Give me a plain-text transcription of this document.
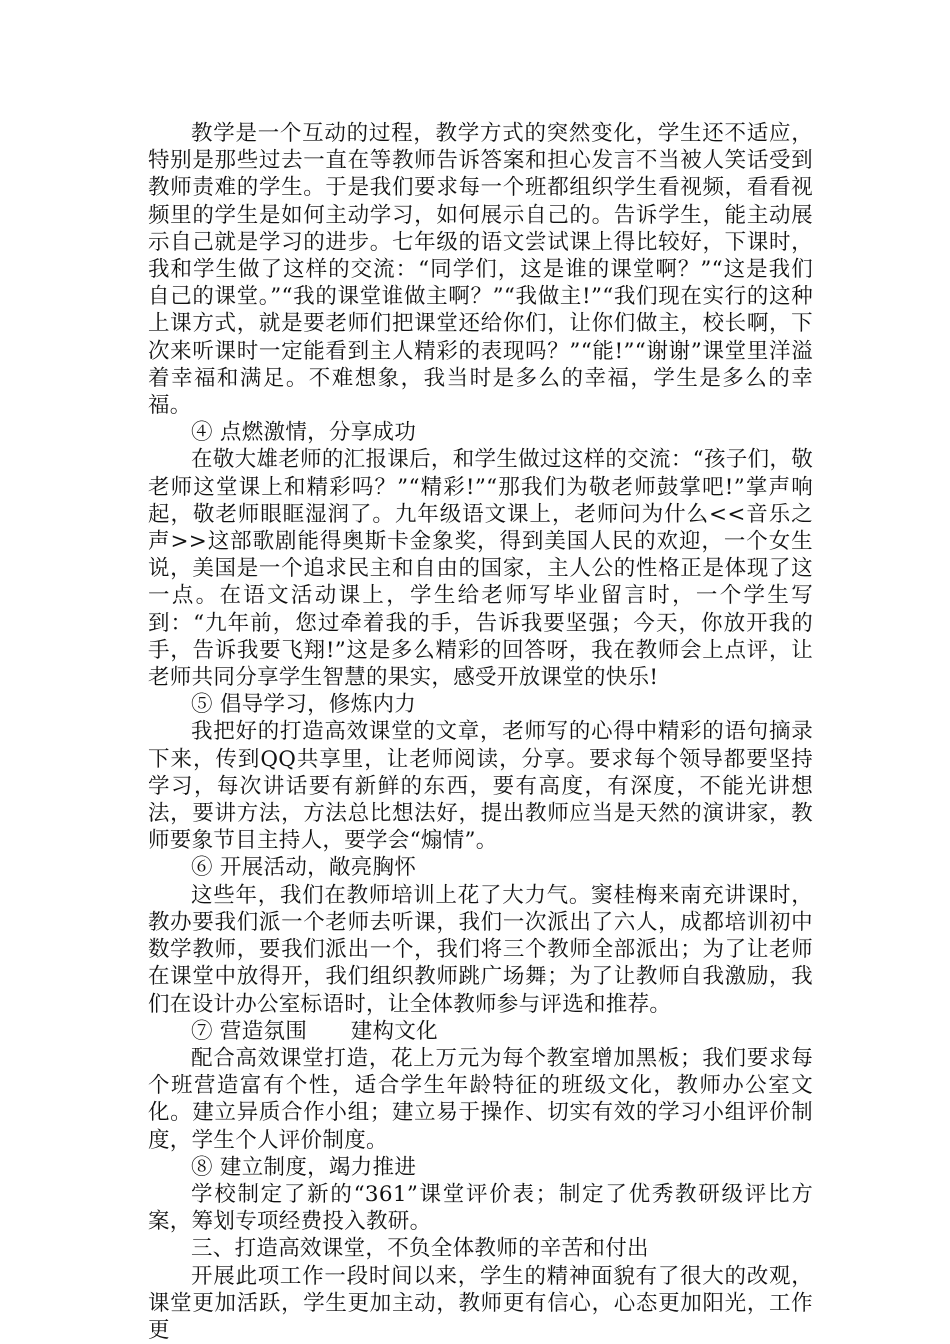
教学是一个互动的过程，教学方式的突然变化，学生还不适应，特别是那些过去一直在等教师告诉答案和担心发言不当被人笑话受到教师责难的学生。于是我们要求每一个班都组织学生看视频，看看视频里的学生是如何主动学习，如何展示自己的。告诉学生，能主动展示自己就是学习的进步。七年级的语文尝试课上得比较好，下课时，我和学生做了这样的交流：“同学们，这是谁的课堂啊？”“这是我们自己的课堂。”“我的课堂谁做主啊？”“我做主!”“我们现在实行的这种上课方式，就是要老师们把课堂还给你们，让你们做主，校长啊，下次来听课时一定能看到主人精彩的表现吗？”“能!”“谢谢”课堂里洋溢着幸福和满足。不难想象，我当时是多么的幸福，学生是多么的幸福。

④ 点燃激情，分享成功

在敬大雄老师的汇报课后，和学生做过这样的交流：“孩子们，敬老师这堂课上和精彩吗？”“精彩!”“那我们为敬老师鼓掌吧!”掌声响起，敬老师眼眶湿润了。九年级语文课上，老师问为什么<<音乐之声>>这部歌剧能得奥斯卡金象奖，得到美国人民的欢迎，一个女生说，美国是一个追求民主和自由的国家，主人公的性格正是体现了这一点。在语文活动课上，学生给老师写毕业留言时，一个学生写到：“九年前，您过牵着我的手，告诉我要坚强；今天，你放开我的手，告诉我要飞翔!”这是多么精彩的回答呀，我在教师会上点评，让老师共同分享学生智慧的果实，感受开放课堂的快乐!

⑤ 倡导学习，修炼内力

我把好的打造高效课堂的文章，老师写的心得中精彩的语句摘录下来，传到QQ共享里，让老师阅读，分享。要求每个领导都要坚持学习，每次讲话要有新鲜的东西，要有高度，有深度，不能光讲想法，要讲方法，方法总比想法好，提出教师应当是天然的演讲家，教师要象节目主持人，要学会“煽情”。

⑥ 开展活动，敞亮胸怀

这些年，我们在教师培训上花了大力气。窦桂梅来南充讲课时，教办要我们派一个老师去听课，我们一次派出了六人，成都培训初中数学教师，要我们派出一个，我们将三个教师全部派出；为了让老师在课堂中放得开，我们组织教师跳广场舞；为了让教师自我激励，我们在设计办公室标语时，让全体教师参与评选和推荐。

⑦ 营造氛围　　建构文化

配合高效课堂打造，花上万元为每个教室增加黑板；我们要求每个班营造富有个性，适合学生年龄特征的班级文化，教师办公室文化。建立异质合作小组；建立易于操作、切实有效的学习小组评价制度，学生个人评价制度。

⑧ 建立制度，竭力推进

学校制定了新的“361”课堂评价表；制定了优秀教研级评比方案，筹划专项经费投入教研。

三、打造高效课堂，不负全体教师的辛苦和付出

开展此项工作一段时间以来，学生的精神面貌有了很大的改观，课堂更加活跃，学生更加主动，教师更有信心，心态更加阳光，工作更
